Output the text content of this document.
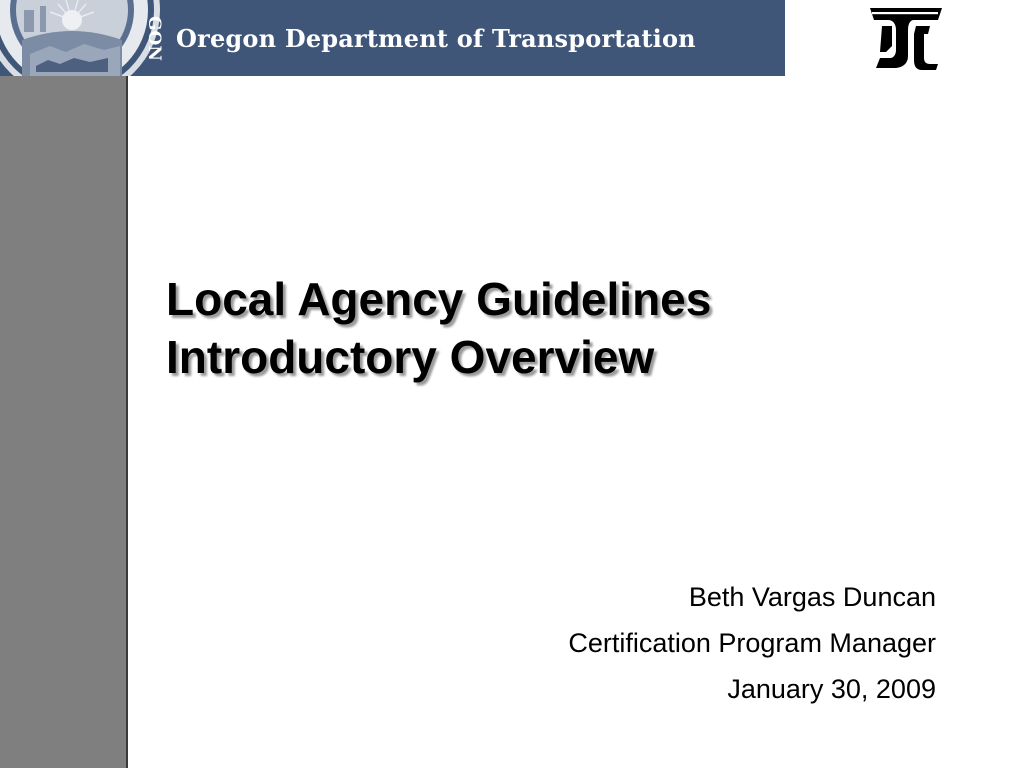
GON Oregon Department of Transportation
Local Agency Guidelines
Introductory Overview
Beth Vargas Duncan
Certification Program Manager
January 30, 2009
